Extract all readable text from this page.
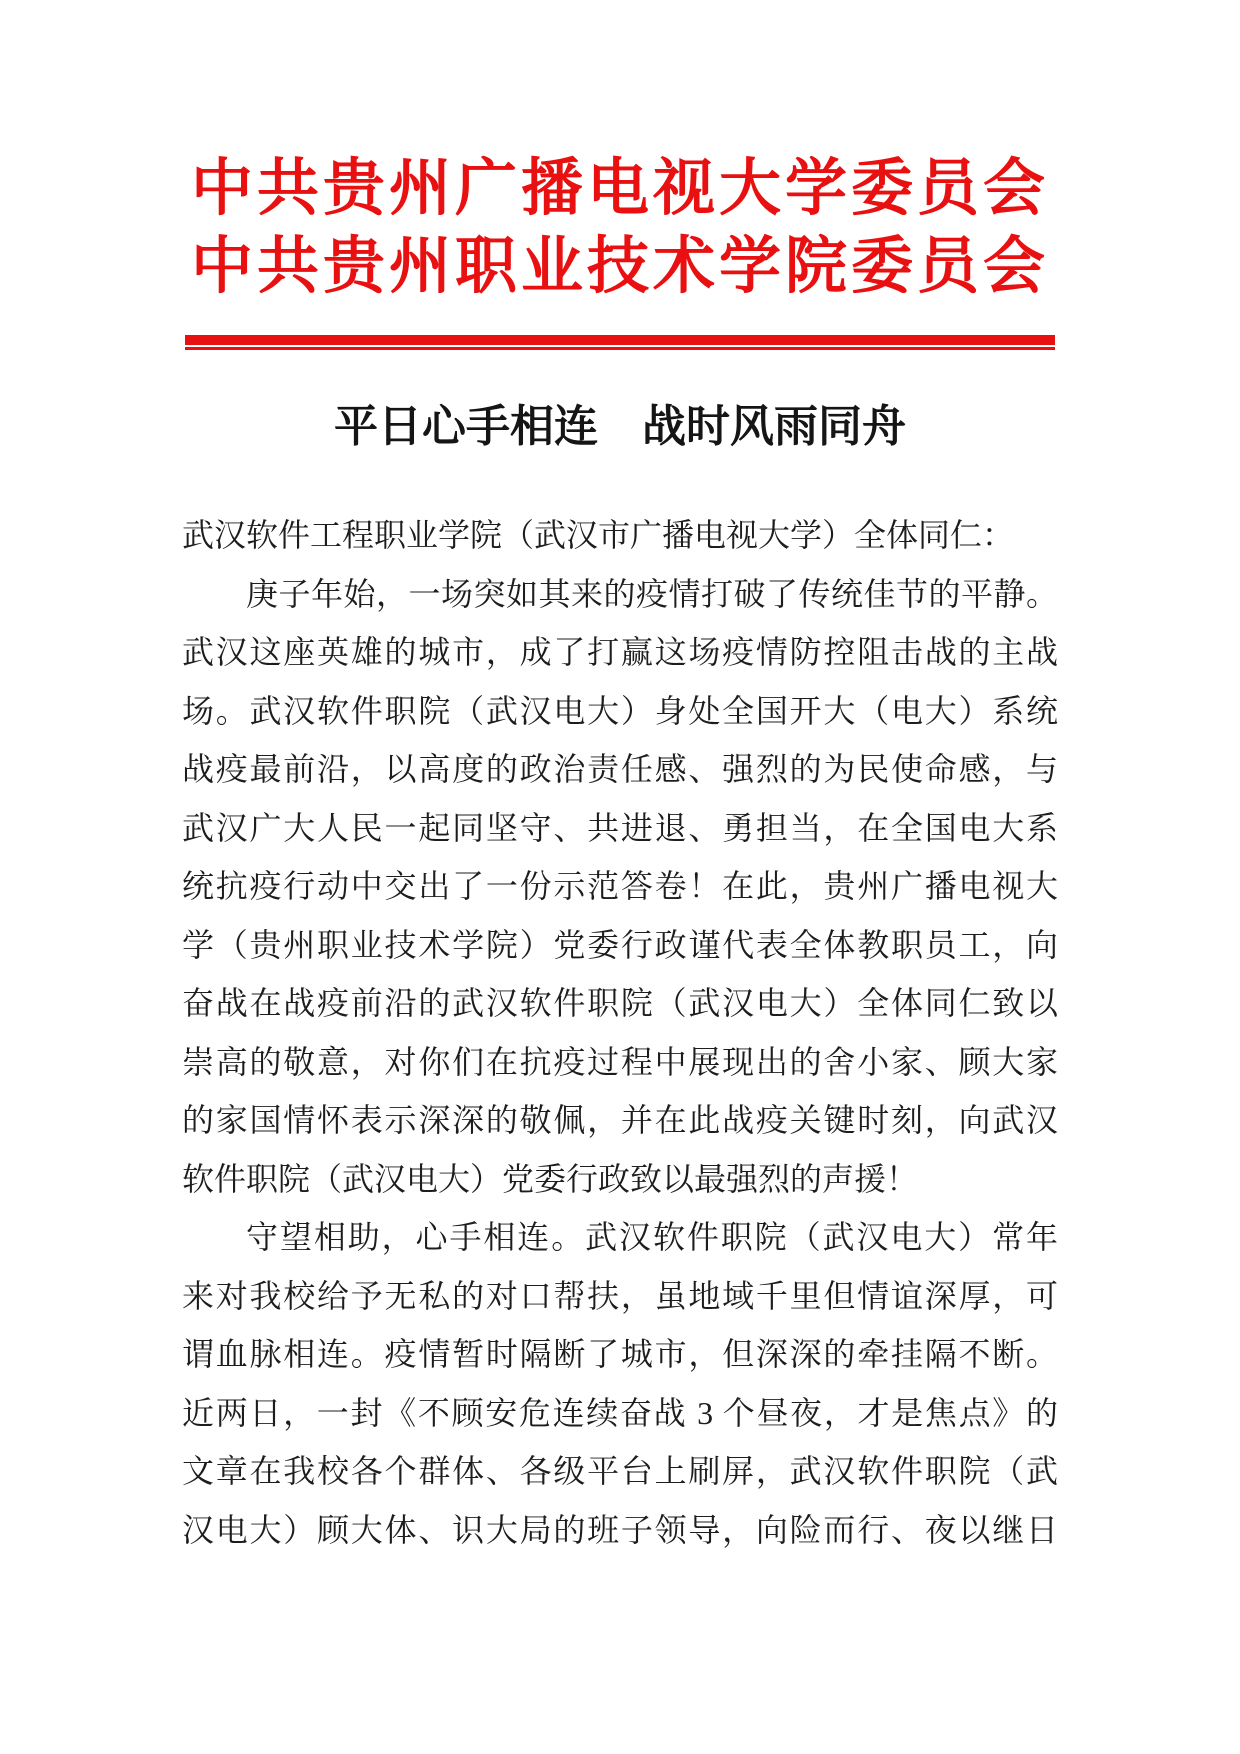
中共贵州广播电视大学委员会
中共贵州职业技术学院委员会
平日心手相连　战时风雨同舟
武汉软件工程职业学院（武汉市广播电视大学）全体同仁：
庚子年始，一场突如其来的疫情打破了传统佳节的平静。
武汉这座英雄的城市，成了打赢这场疫情防控阻击战的主战
场。武汉软件职院（武汉电大）身处全国开大（电大）系统
战疫最前沿，以高度的政治责任感、强烈的为民使命感，与
武汉广大人民一起同坚守、共进退、勇担当，在全国电大系
统抗疫行动中交出了一份示范答卷！在此，贵州广播电视大
学（贵州职业技术学院）党委行政谨代表全体教职员工，向
奋战在战疫前沿的武汉软件职院（武汉电大）全体同仁致以
崇高的敬意，对你们在抗疫过程中展现出的舍小家、顾大家
的家国情怀表示深深的敬佩，并在此战疫关键时刻，向武汉
软件职院（武汉电大）党委行政致以最强烈的声援！
守望相助，心手相连。武汉软件职院（武汉电大）常年
来对我校给予无私的对口帮扶，虽地域千里但情谊深厚，可
谓血脉相连。疫情暂时隔断了城市，但深深的牵挂隔不断。
近两日，一封《不顾安危连续奋战 3 个昼夜，才是焦点》的
文章在我校各个群体、各级平台上刷屏，武汉软件职院（武
汉电大）顾大体、识大局的班子领导，向险而行、夜以继日
